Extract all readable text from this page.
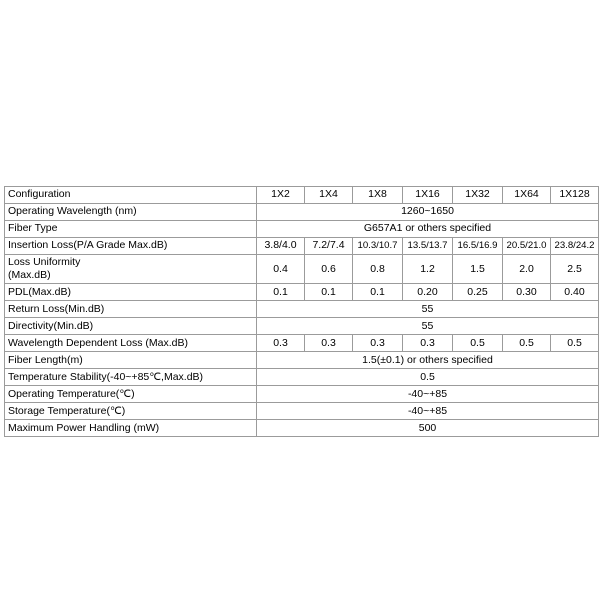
Configuration	1X2	1X4	1X8	1X16	1X32	1X64	1X128
Operating Wavelength (nm)	1260~1650						
Fiber Type	G657A1 or others specified						
Insertion Loss(P/A Grade Max.dB)	3.8/4.0	7.2/7.4	10.3/10.7	13.5/13.7	16.5/16.9	20.5/21.0	23.8/24.2
Loss Uniformity
(Max.dB)	0.4	0.6	0.8	1.2	1.5	2.0	2.5
PDL(Max.dB)	0.1	0.1	0.1	0.20	0.25	0.30	0.40
Return Loss(Min.dB)	55						
Directivity(Min.dB)	55						
Wavelength Dependent Loss (Max.dB)	0.3	0.3	0.3	0.3	0.5	0.5	0.5
Fiber Length(m)	1.5(±0.1) or others specified						
Temperature Stability(-40~+85℃,Max.dB)	0.5						
Operating Temperature(℃)	-40~+85						
Storage Temperature(℃)	-40~+85						
Maximum Power Handling (mW)	500						
